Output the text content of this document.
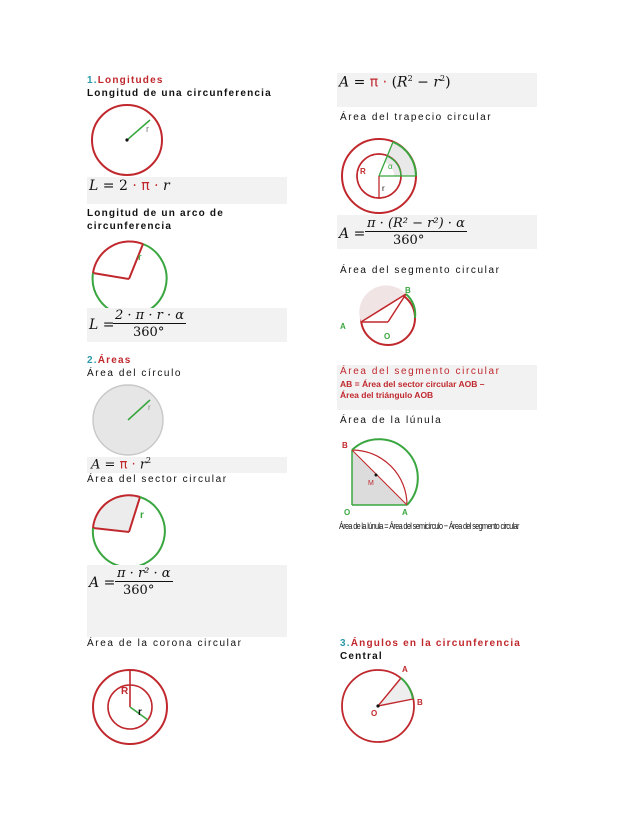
1.Longitudes
Longitud de una circunferencia
r
L = 2 · π · r
Longitud de un arco de
circunferencia
r
L =
2 · π · r · α
360°
2.Áreas
Área del círculo
r
$A = \pi \cdot r^2$
Área del sector circular
r
A =
π · r² · α
360°
Área de la corona circular
R
r
$A = \pi \cdot (R^2 - r^2)$
Área del trapecio circular
R
r
α
A =
π · (R² − r²) · α
360°
Área del segmento circular
A
B
O
Área del segmento circular
AB = Área del sector circular AOB –
Área del triángulo AOB
Área de la lúnula
B
M
O	A
Área de la lúnula = Área del semicírculo − Área del segmento circular
3.Ángulos en la circunferencia
Central
A
B
O
